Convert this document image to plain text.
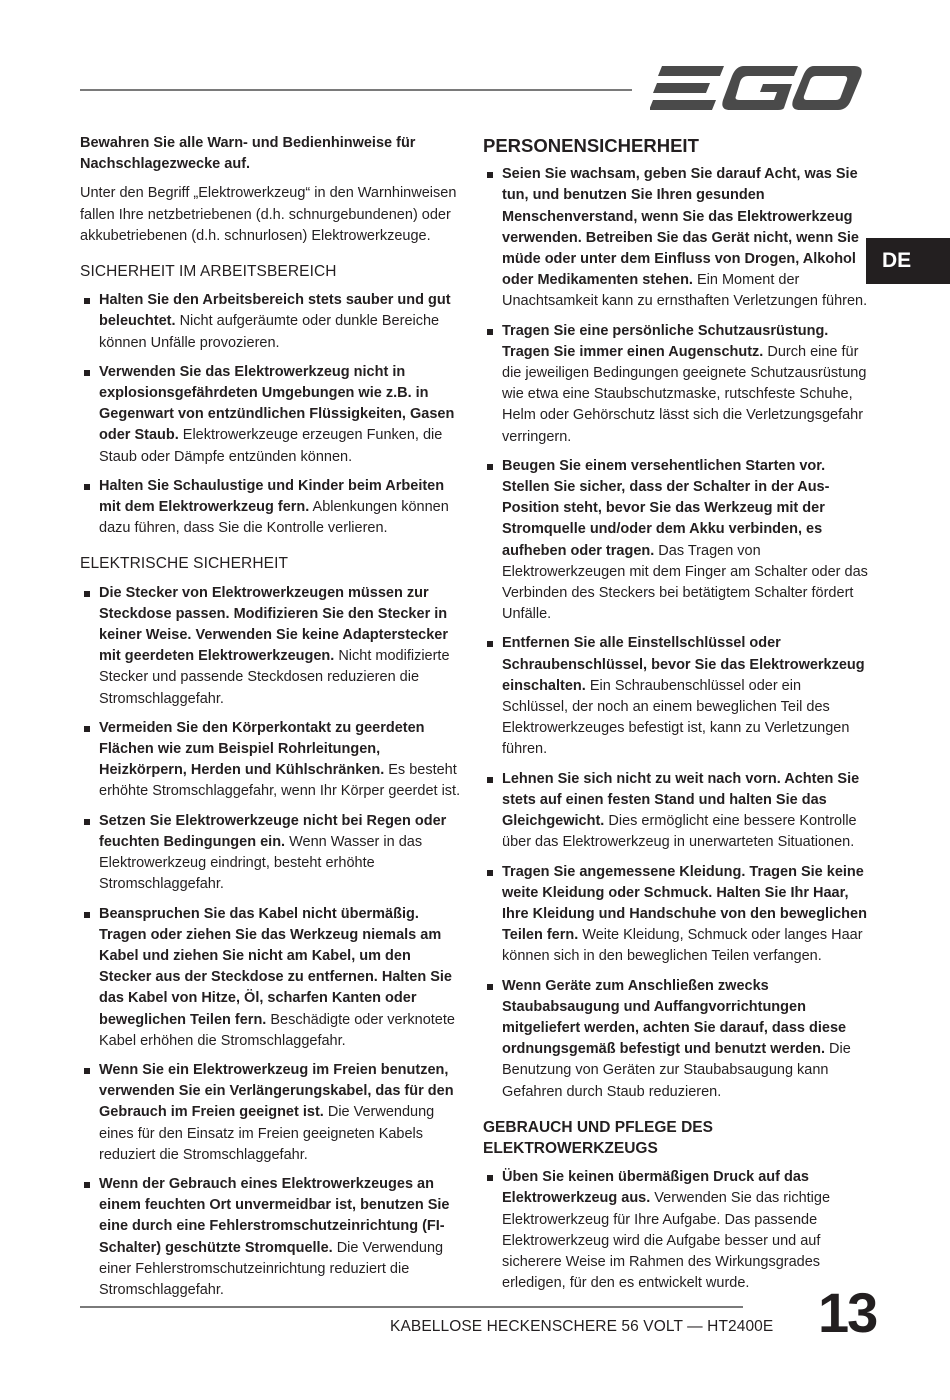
DE

Bewahren Sie alle Warn- und Bedienhinweise für Nachschlagezwecke auf.

Unter den Begriff „Elektrowerkzeug“ in den Warnhinweisen fallen Ihre netzbetriebenen (d.h. schnurgebundenen) oder akkubetriebenen (d.h. schnurlosen) Elektrowerkzeuge.

SICHERHEIT IM ARBEITSBEREICH
Halten Sie den Arbeitsbereich stets sauber und gut beleuchtet. Nicht aufgeräumte oder dunkle Bereiche können Unfälle provozieren.
Verwenden Sie das Elektrowerkzeug nicht in explosionsgefährdeten Umgebungen wie z.B. in Gegenwart von entzündlichen Flüssigkeiten, Gasen oder Staub. Elektrowerkzeuge erzeugen Funken, die Staub oder Dämpfe entzünden können.
Halten Sie Schaulustige und Kinder beim Arbeiten mit dem Elektrowerkzeug fern. Ablenkungen können dazu führen, dass Sie die Kontrolle verlieren.
ELEKTRISCHE SICHERHEIT
Die Stecker von Elektrowerkzeugen müssen zur Steckdose passen. Modifizieren Sie den Stecker in keiner Weise. Verwenden Sie keine Adapterstecker mit geerdeten Elektrowerkzeugen. Nicht modifizierte Stecker und passende Steckdosen reduzieren die Stromschlaggefahr.
Vermeiden Sie den Körperkontakt zu geerdeten Flächen wie zum Beispiel Rohrleitungen, Heizkörpern, Herden und Kühlschränken. Es besteht erhöhte Stromschlaggefahr, wenn Ihr Körper geerdet ist.
Setzen Sie Elektrowerkzeuge nicht bei Regen oder feuchten Bedingungen ein. Wenn Wasser in das Elektrowerkzeug eindringt, besteht erhöhte Stromschlaggefahr.
Beanspruchen Sie das Kabel nicht übermäßig. Tragen oder ziehen Sie das Werkzeug niemals am Kabel und ziehen Sie nicht am Kabel, um den Stecker aus der Steckdose zu entfernen. Halten Sie das Kabel von Hitze, Öl, scharfen Kanten oder beweglichen Teilen fern. Beschädigte oder verknotete Kabel erhöhen die Stromschlaggefahr.
Wenn Sie ein Elektrowerkzeug im Freien benutzen, verwenden Sie ein Verlängerungskabel, das für den Gebrauch im Freien geeignet ist. Die Verwendung eines für den Einsatz im Freien geeigneten Kabels reduziert die Stromschlaggefahr.
Wenn der Gebrauch eines Elektrowerkzeuges an einem feuchten Ort unvermeidbar ist, benutzen Sie eine durch eine Fehlerstromschutzeinrichtung (FI-Schalter) geschützte Stromquelle. Die Verwendung einer Fehlerstromschutzeinrichtung reduziert die Stromschlaggefahr.
PERSONENSICHERHEIT
Seien Sie wachsam, geben Sie darauf Acht, was Sie tun, und benutzen Sie Ihren gesunden Menschenverstand, wenn Sie das Elektrowerkzeug verwenden. Betreiben Sie das Gerät nicht, wenn Sie müde oder unter dem Einfluss von Drogen, Alkohol oder Medikamenten stehen. Ein Moment der Unachtsamkeit kann zu ernsthaften Verletzungen führen.
Tragen Sie eine persönliche Schutzausrüstung. Tragen Sie immer einen Augenschutz. Durch eine für die jeweiligen Bedingungen geeignete Schutzausrüstung wie etwa eine Staubschutzmaske, rutschfeste Schuhe, Helm oder Gehörschutz lässt sich die Verletzungsgefahr verringern.
Beugen Sie einem versehentlichen Starten vor. Stellen Sie sicher, dass der Schalter in der Aus-Position steht, bevor Sie das Werkzeug mit der Stromquelle und/oder dem Akku verbinden, es aufheben oder tragen. Das Tragen von Elektrowerkzeugen mit dem Finger am Schalter oder das Verbinden des Steckers bei betätigtem Schalter fördert Unfälle.
Entfernen Sie alle Einstellschlüssel oder Schraubenschlüssel, bevor Sie das Elektrowerkzeug einschalten. Ein Schraubenschlüssel oder ein Schlüssel, der noch an einem beweglichen Teil des Elektrowerkzeuges befestigt ist, kann zu Verletzungen führen.
Lehnen Sie sich nicht zu weit nach vorn. Achten Sie stets auf einen festen Stand und halten Sie das Gleichgewicht. Dies ermöglicht eine bessere Kontrolle über das Elektrowerkzeug in unerwarteten Situationen.
Tragen Sie angemessene Kleidung. Tragen Sie keine weite Kleidung oder Schmuck. Halten Sie Ihr Haar, Ihre Kleidung und Handschuhe von den beweglichen Teilen fern. Weite Kleidung, Schmuck oder langes Haar können sich in den beweglichen Teilen verfangen.
Wenn Geräte zum Anschließen zwecks Staubabsaugung und Auffangvorrichtungen mitgeliefert werden, achten Sie darauf, dass diese ordnungsgemäß befestigt und benutzt werden. Die Benutzung von Geräten zur Staubabsaugung kann Gefahren durch Staub reduzieren.
GEBRAUCH UND PFLEGE DES ELEKTROWERKZEUGS
Üben Sie keinen übermäßigen Druck auf das Elektrowerkzeug aus. Verwenden Sie das richtige Elektrowerkzeug für Ihre Aufgabe. Das passende Elektrowerkzeug wird die Aufgabe besser und auf sicherere Weise im Rahmen des Wirkungsgrades erledigen, für den es entwickelt wurde.
KABELLOSE HECKENSCHERE 56 VOLT — HT2400E 13
